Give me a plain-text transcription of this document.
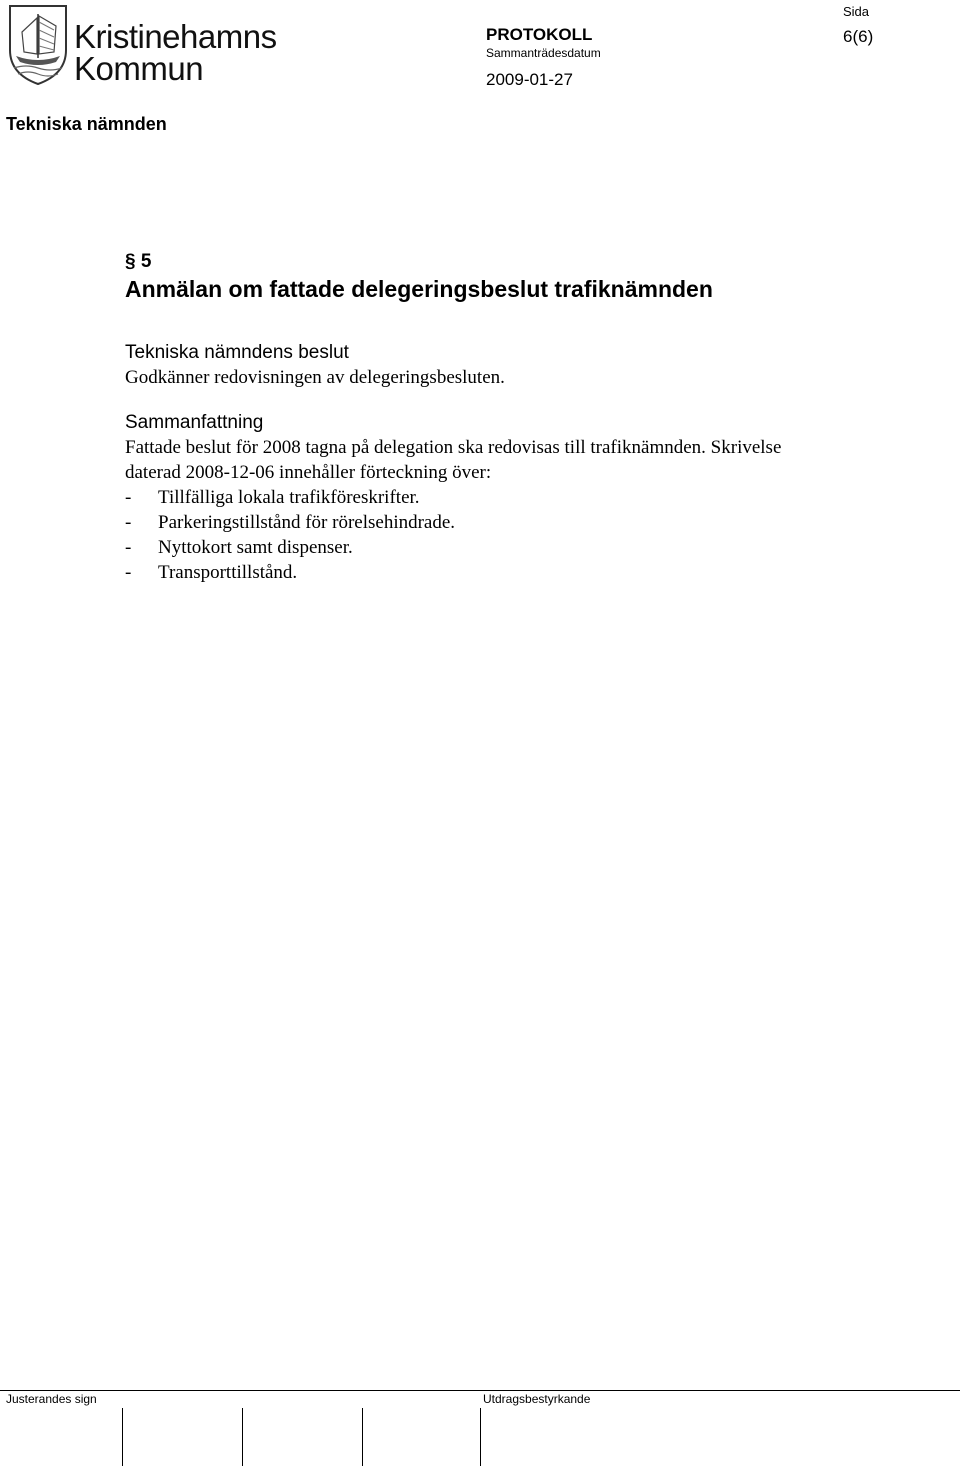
Kristinehamns
Kommun
PROTOKOLL
Sida
6(6)
Sammanträdesdatum
2009-01-27
Tekniska nämnden
§ 5
Anmälan om fattade delegeringsbeslut trafiknämnden
Tekniska nämndens beslut
Godkänner redovisningen av delegeringsbesluten.
Sammanfattning
Fattade beslut för 2008 tagna på delegation ska redovisas till trafiknämnden. Skrivelse
daterad 2008-12-06 innehåller förteckning över:
-	Tillfälliga lokala trafikföreskrifter.
-	Parkeringstillstånd för rörelsehindrade.
-	Nyttokort samt dispenser.
-	Transporttillstånd.
Justerandes sign	Utdragsbestyrkande
